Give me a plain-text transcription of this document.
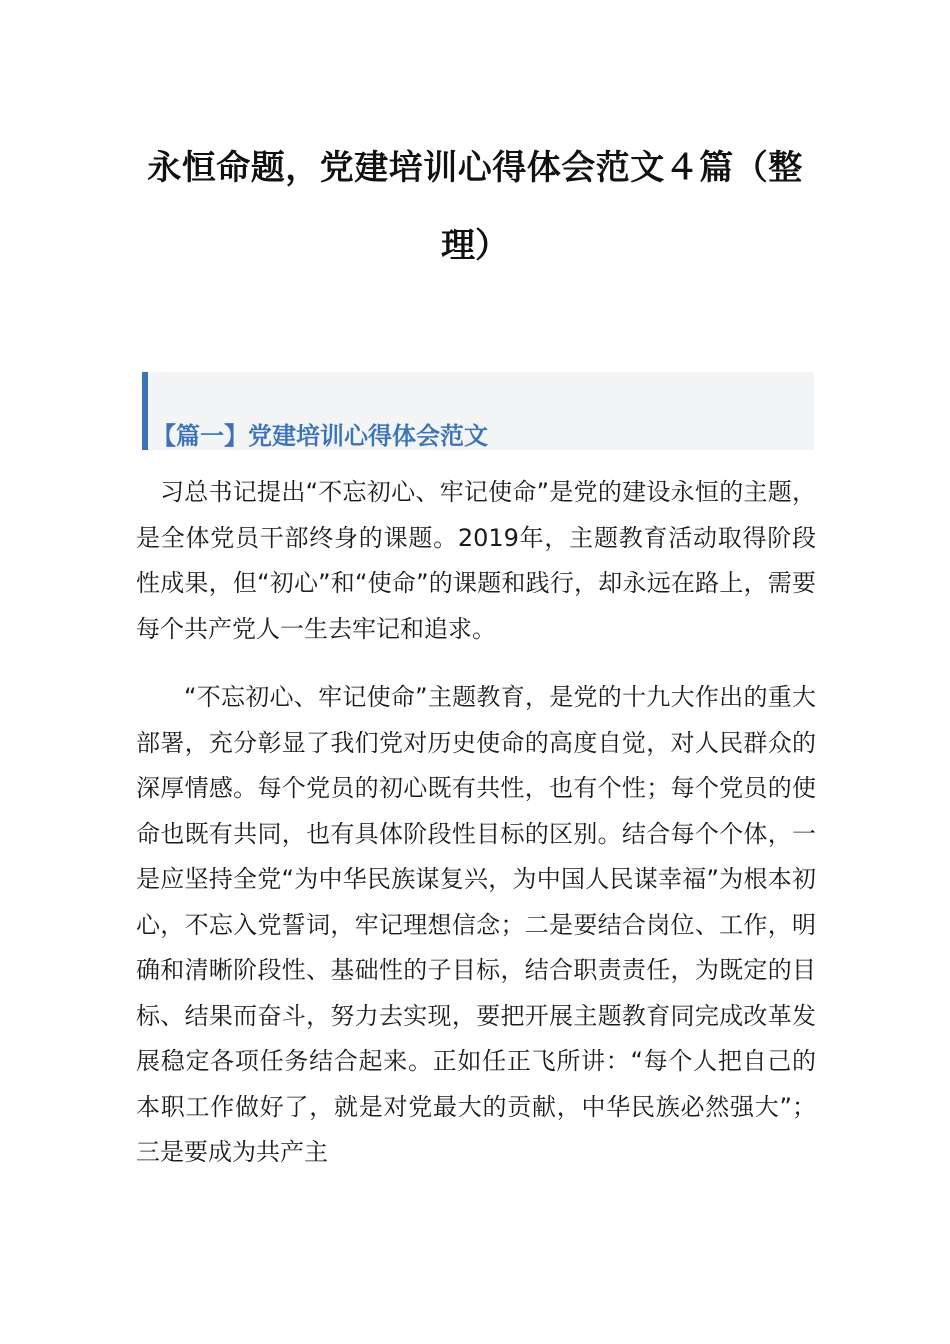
永恒命题，党建培训心得体会范文４篇（整
理）
【篇一】党建培训心得体会范文

习总书记提出“不忘初心、牢记使命”是党的建设永恒的主题，是全体党员干部终身的课题。2019年，主题教育活动取得阶段性成果，但“初心”和“使命”的课题和践行，却永远在路上，需要每个共产党人一生去牢记和追求。

“不忘初心、牢记使命”主题教育，是党的十九大作出的重大部署，充分彰显了我们党对历史使命的高度自觉，对人民群众的深厚情感。每个党员的初心既有共性，也有个性；每个党员的使命也既有共同，也有具体阶段性目标的区别。结合每个个体，一是应坚持全党“为中华民族谋复兴，为中国人民谋幸福”为根本初心，不忘入党誓词，牢记理想信念；二是要结合岗位、工作，明确和清晰阶段性、基础性的子目标，结合职责责任，为既定的目标、结果而奋斗，努力去实现，要把开展主题教育同完成改革发展稳定各项任务结合起来。正如任正飞所讲：“每个人把自己的本职工作做好了，就是对党最大的贡献，中华民族必然强大”；三是要成为共产主
